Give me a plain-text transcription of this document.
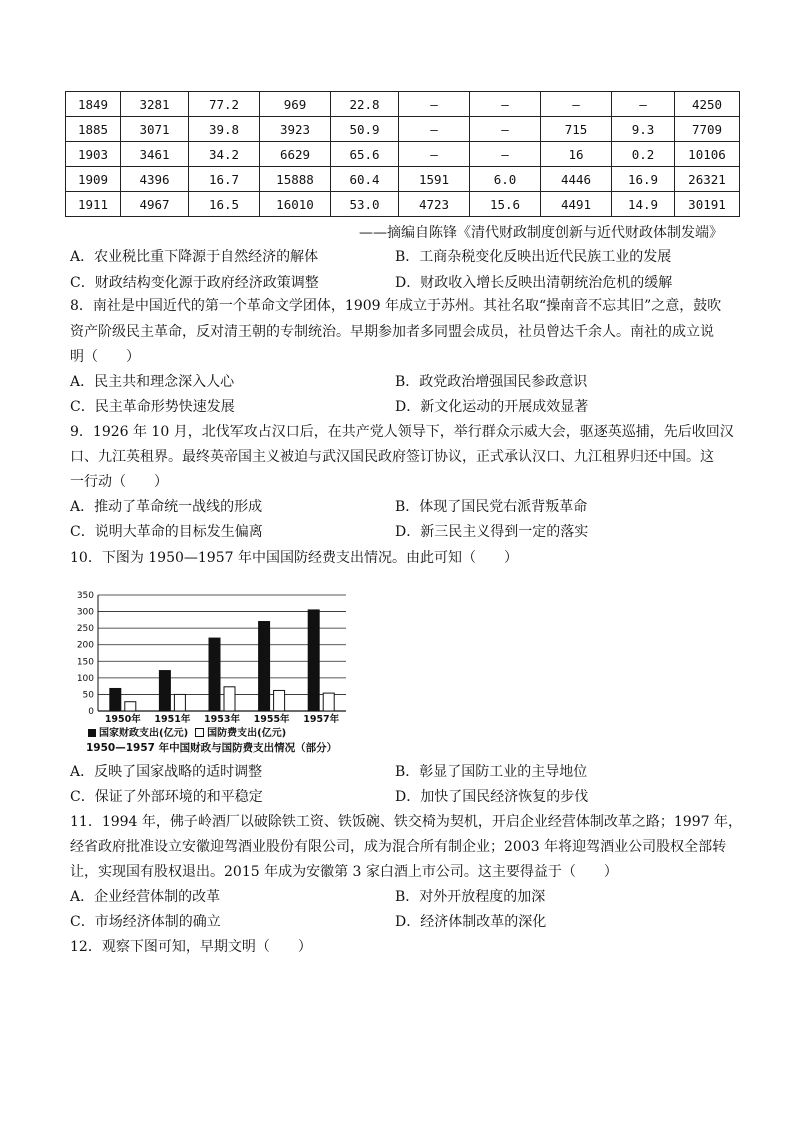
1849	3281	77.2	969	22.8	—	—	—	—	4250
1885	3071	39.8	3923	50.9	—	—	715	9.3	7709
1903	3461	34.2	6629	65.6	—	—	16	0.2	10106
1909	4396	16.7	15888	60.4	1591	6.0	4446	16.9	26321
1911	4967	16.5	16010	53.0	4723	15.6	4491	14.9	30191
——摘编自陈锋《清代财政制度创新与近代财政体制发端》
A．农业税比重下降源于自然经济的解体	B．工商杂税变化反映出近代民族工业的发展
C．财政结构变化源于政府经济政策调整	D．财政收入增长反映出清朝统治危机的缓解
8．南社是中国近代的第一个革命文学团体，1909 年成立于苏州。其社名取“操南音不忘其旧”之意，鼓吹
资产阶级民主革命，反对清王朝的专制统治。早期参加者多同盟会成员，社员曾达千余人。南社的成立说
明（　　）
A．民主共和理念深入人心	B．政党政治增强国民参政意识
C．民主革命形势快速发展	D．新文化运动的开展成效显著
9．1926 年 10 月，北伐军攻占汉口后，在共产党人领导下，举行群众示威大会，驱逐英巡捕，先后收回汉
口、九江英租界。最终英帝国主义被迫与武汉国民政府签订协议，正式承认汉口、九江租界归还中国。这
一行动（　　）
A．推动了革命统一战线的形成	B．体现了国民党右派背叛革命
C．说明大革命的目标发生偏离	D．新三民主义得到一定的落实
10．下图为 1950—1957 年中国国防经费支出情况。由此可知（　　）
0
50
100
150
200
250
300
350
1950年 1951年 1953年 1955年 1957年
国家财政支出(亿元) 国防费支出(亿元)
1950—1957 年中国财政与国防费支出情况（部分）
A．反映了国家战略的适时调整	B．彰显了国防工业的主导地位
C．保证了外部环境的和平稳定	D．加快了国民经济恢复的步伐
11．1994 年，佛子岭酒厂以破除铁工资、铁饭碗、铁交椅为契机，开启企业经营体制改革之路；1997 年，
经省政府批准设立安徽迎驾酒业股份有限公司，成为混合所有制企业；2003 年将迎驾酒业公司股权全部转
让，实现国有股权退出。2015 年成为安徽第 3 家白酒上市公司。这主要得益于（　　）
A．企业经营体制的改革	B．对外开放程度的加深
C．市场经济体制的确立	D．经济体制改革的深化
12．观察下图可知，早期文明（　　）
